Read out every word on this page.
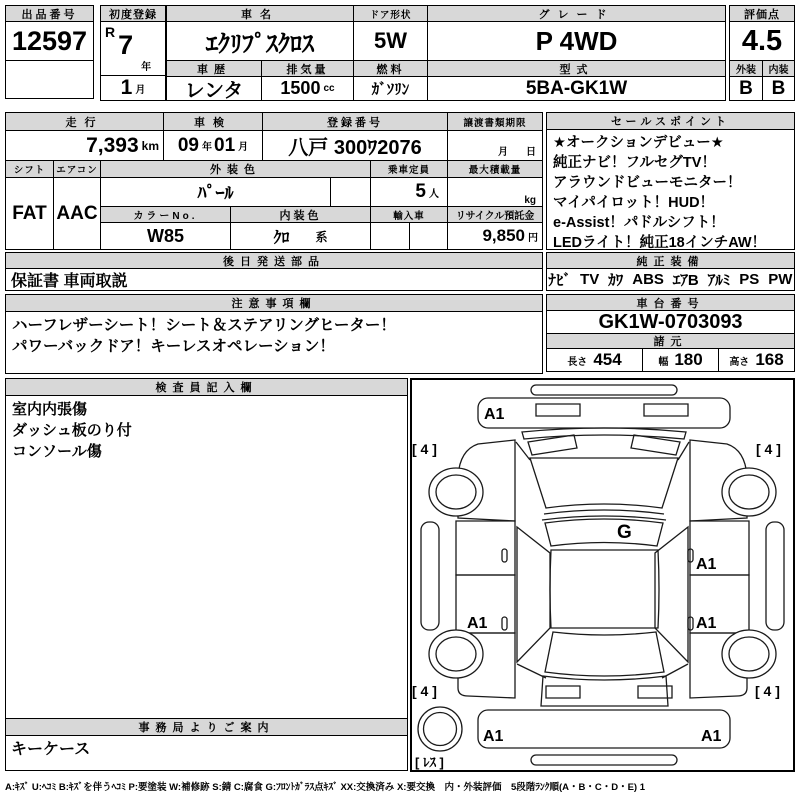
出品番号
12597
初度登録
R 7
年
1 月
車名
ｴｸﾘﾌﾟｽｸﾛｽ
車歴
レンタ
排気量
1500 cc
ドア形状
5W
燃料
ｶﾞｿﾘﾝ
グレード
P 4WD
型式
5BA-GK1W
評価点
4.5
外装	内装
B B
走行
7,393 km
車検
09 年 01 月
登録番号
八戸 300ﾜ2076
譲渡書類期限
月 日
シフト	エアコン
FAT AAC
外装色
ﾊﾟｰﾙ
乗車定員
5 人
最大積載量
kg
カラーNo.
W85
内装色
ｸﾛ 系
輸入車	リサイクル預託金
9,850 円
セールスポイント
★オークションデビュー★
純正ナビ！フルセグTV！
アラウンドビューモニター！
マイパイロット！HUD！
e-Assist！パドルシフト！
LEDライト！純正18インチAW！
純正装備
ﾅﾋﾞ TV ｶﾜ ABS ｴｱB ｱﾙﾐ PS PW
後日発送部品
保証書 車両取説
注意事項欄
ハーフレザーシート！シート＆ステアリングヒーター！
パワーバックドア！キーレスオペレーション！
車台番号
GK1W-0703093
諸元
長さ 454	幅 180	高さ 168
検査員記入欄
室内内張傷
ダッシュ板のり付
コンソール傷
事務局よりご案内
キーケース
A1
[ 4 ]	[ 4 ]
G
A1
A1	A1
[ 4 ]	[ 4 ]
A1	A1
[ ﾚｽ ]
A:ｷｽﾞ U:ﾍｺﾐ B:ｷｽﾞを伴うﾍｺﾐ P:要塗装 W:補修跡 S:錆 C:腐食 G:ﾌﾛﾝﾄｶﾞﾗｽ点ｷｽﾞ XX:交換済み X:要交換　内・外装評価　5段階ﾗﾝｸ順(A・B・C・D・E) 1
